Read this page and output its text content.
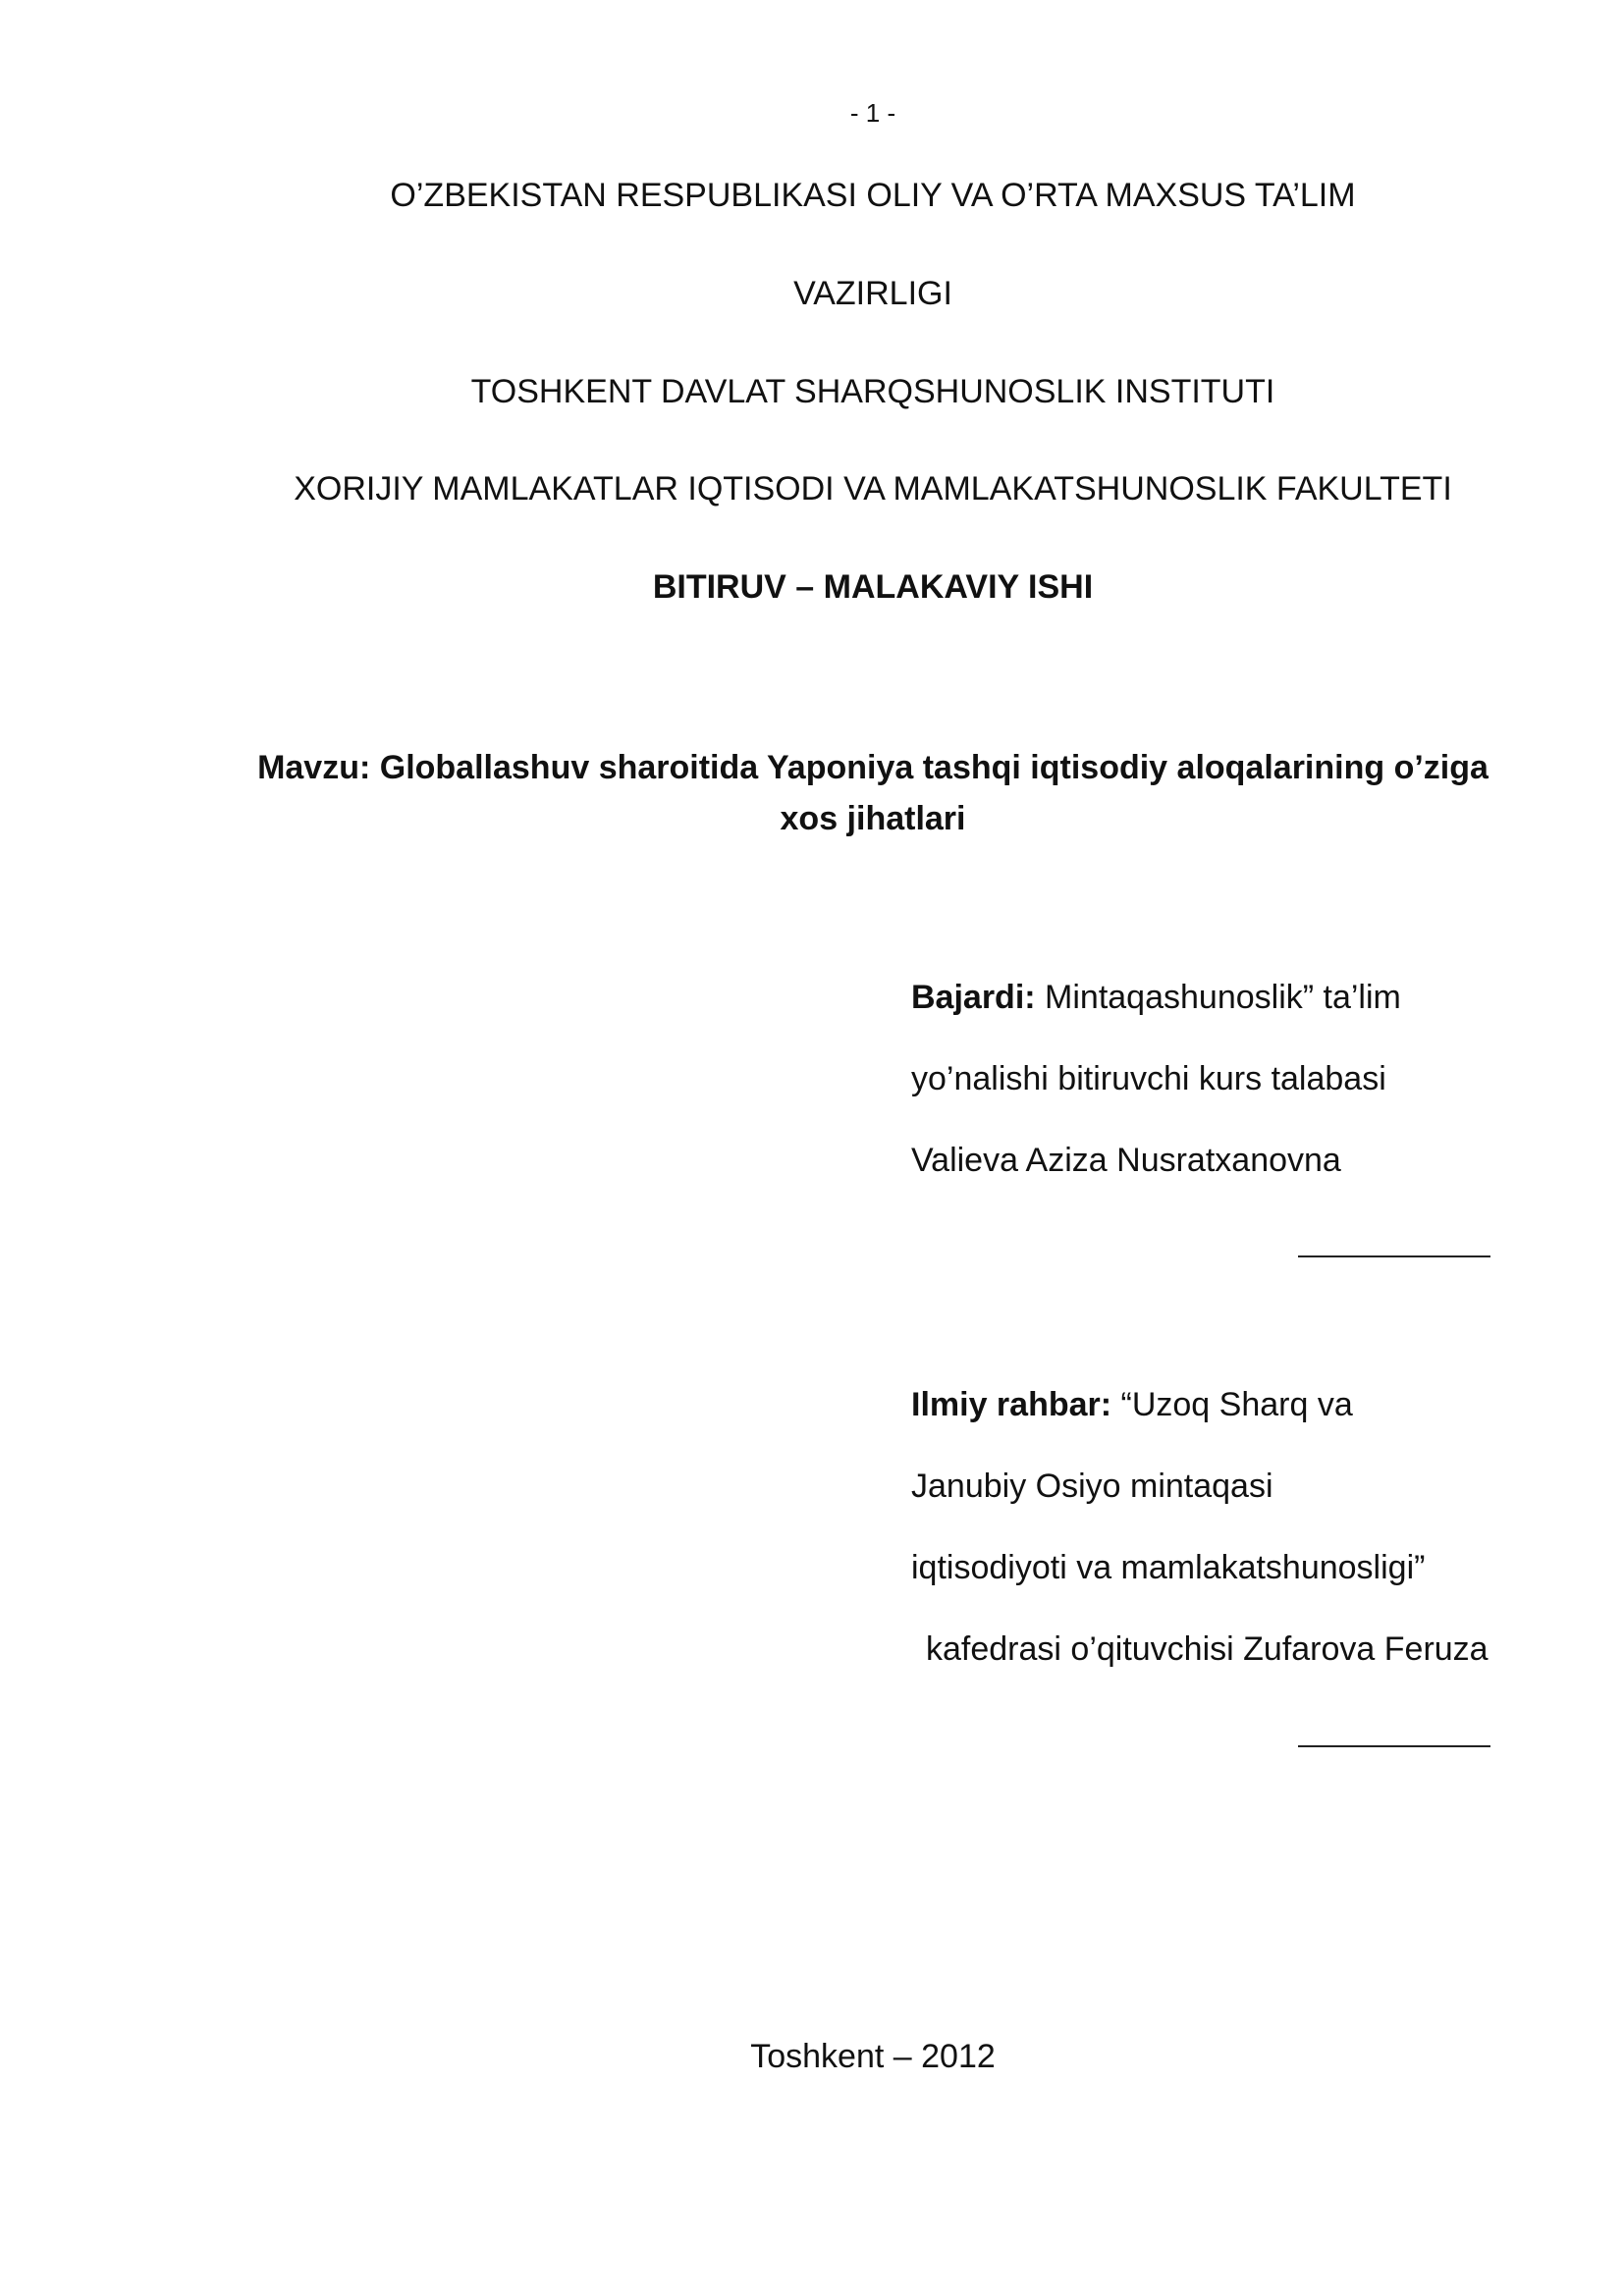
- 1 -
O’ZBEKISTAN RESPUBLIKASI OLIY VA O’RTA MAXSUS TA’LIM
VAZIRLIGI
TOSHKENT DAVLAT SHARQSHUNOSLIK INSTITUTI
XORIJIY MAMLAKATLAR IQTISODI VA MAMLAKATSHUNOSLIK FAKULTETI
BITIRUV – MALAKAVIY ISHI
Mavzu: Globallashuv sharoitida Yaponiya tashqi iqtisodiy aloqalarining o’ziga
xos jihatlari
Bajardi: Mintaqashunoslik” ta’lim
yo’nalishi bitiruvchi kurs talabasi
Valieva Aziza Nusratxanovna
Ilmiy rahbar: “Uzoq Sharq va
Janubiy Osiyo mintaqasi
iqtisodiyoti va mamlakatshunosligi”
kafedrasi o’qituvchisi Zufarova Feruza
Toshkent – 2012
